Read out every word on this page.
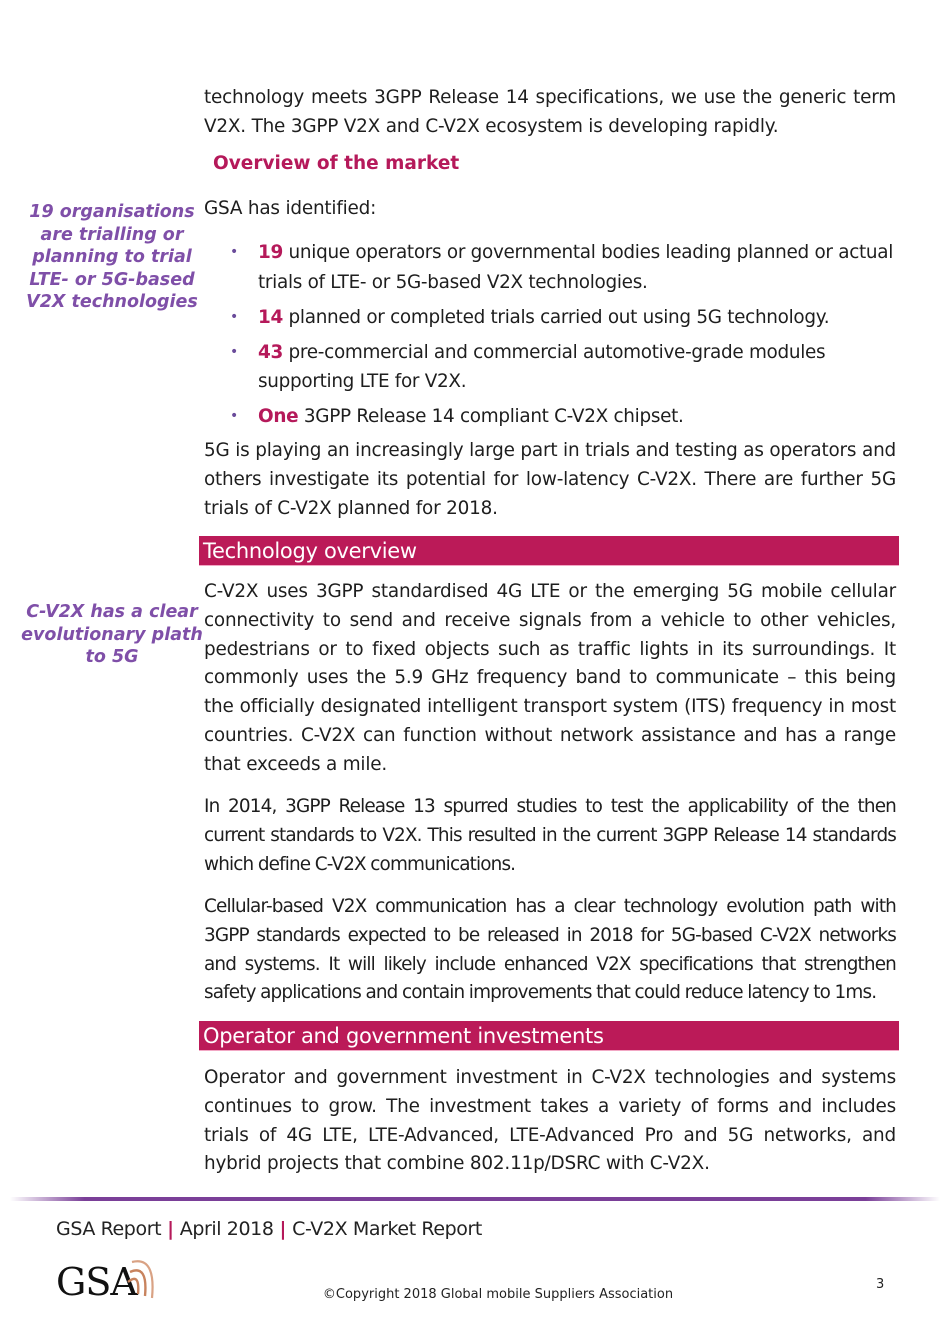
technology meets 3GPP Release 14 specifications, we use the generic term V2X. The 3GPP V2X and C-V2X ecosystem is developing rapidly.
Overview of the market
19 organisations are trialling or planning to trial LTE- or 5G-based V2X technologies
GSA has identified:
• 19 unique operators or governmental bodies leading planned or actual trials of LTE- or 5G-based V2X technologies.
• 14 planned or completed trials carried out using 5G technology.
• 43 pre-commercial and commercial automotive-grade modules supporting LTE for V2X.
• One 3GPP Release 14 compliant C-V2X chipset.
5G is playing an increasingly large part in trials and testing as operators and others investigate its potential for low-latency C-V2X. There are further 5G trials of C-V2X planned for 2018.
Technology overview
C-V2X has a clear evolutionary plath to 5G
C-V2X uses 3GPP standardised 4G LTE or the emerging 5G mobile cellular connectivity to send and receive signals from a vehicle to other vehicles, pedestrians or to fixed objects such as traffic lights in its surroundings. It commonly uses the 5.9 GHz frequency band to communicate – this being the officially designated intelligent transport system (ITS) frequency in most countries. C-V2X can function without network assistance and has a range that exceeds a mile.
In 2014, 3GPP Release 13 spurred studies to test the applicability of the then current standards to V2X. This resulted in the current 3GPP Release 14 standards which define C-V2X communications.
Cellular-based V2X communication has a clear technology evolution path with 3GPP standards expected to be released in 2018 for 5G-based C-V2X networks and systems. It will likely include enhanced V2X specifications that strengthen safety applications and contain improvements that could reduce latency to 1ms.
Operator and government investments
Operator and government investment in C-V2X technologies and systems continues to grow. The investment takes a variety of forms and includes trials of 4G LTE, LTE-Advanced, LTE-Advanced Pro and 5G networks, and hybrid projects that combine 802.11p/DSRC with C-V2X.
GSA Report | April 2018 | C-V2X Market Report
GSA	©Copyright 2018 Global mobile Suppliers Association
3
